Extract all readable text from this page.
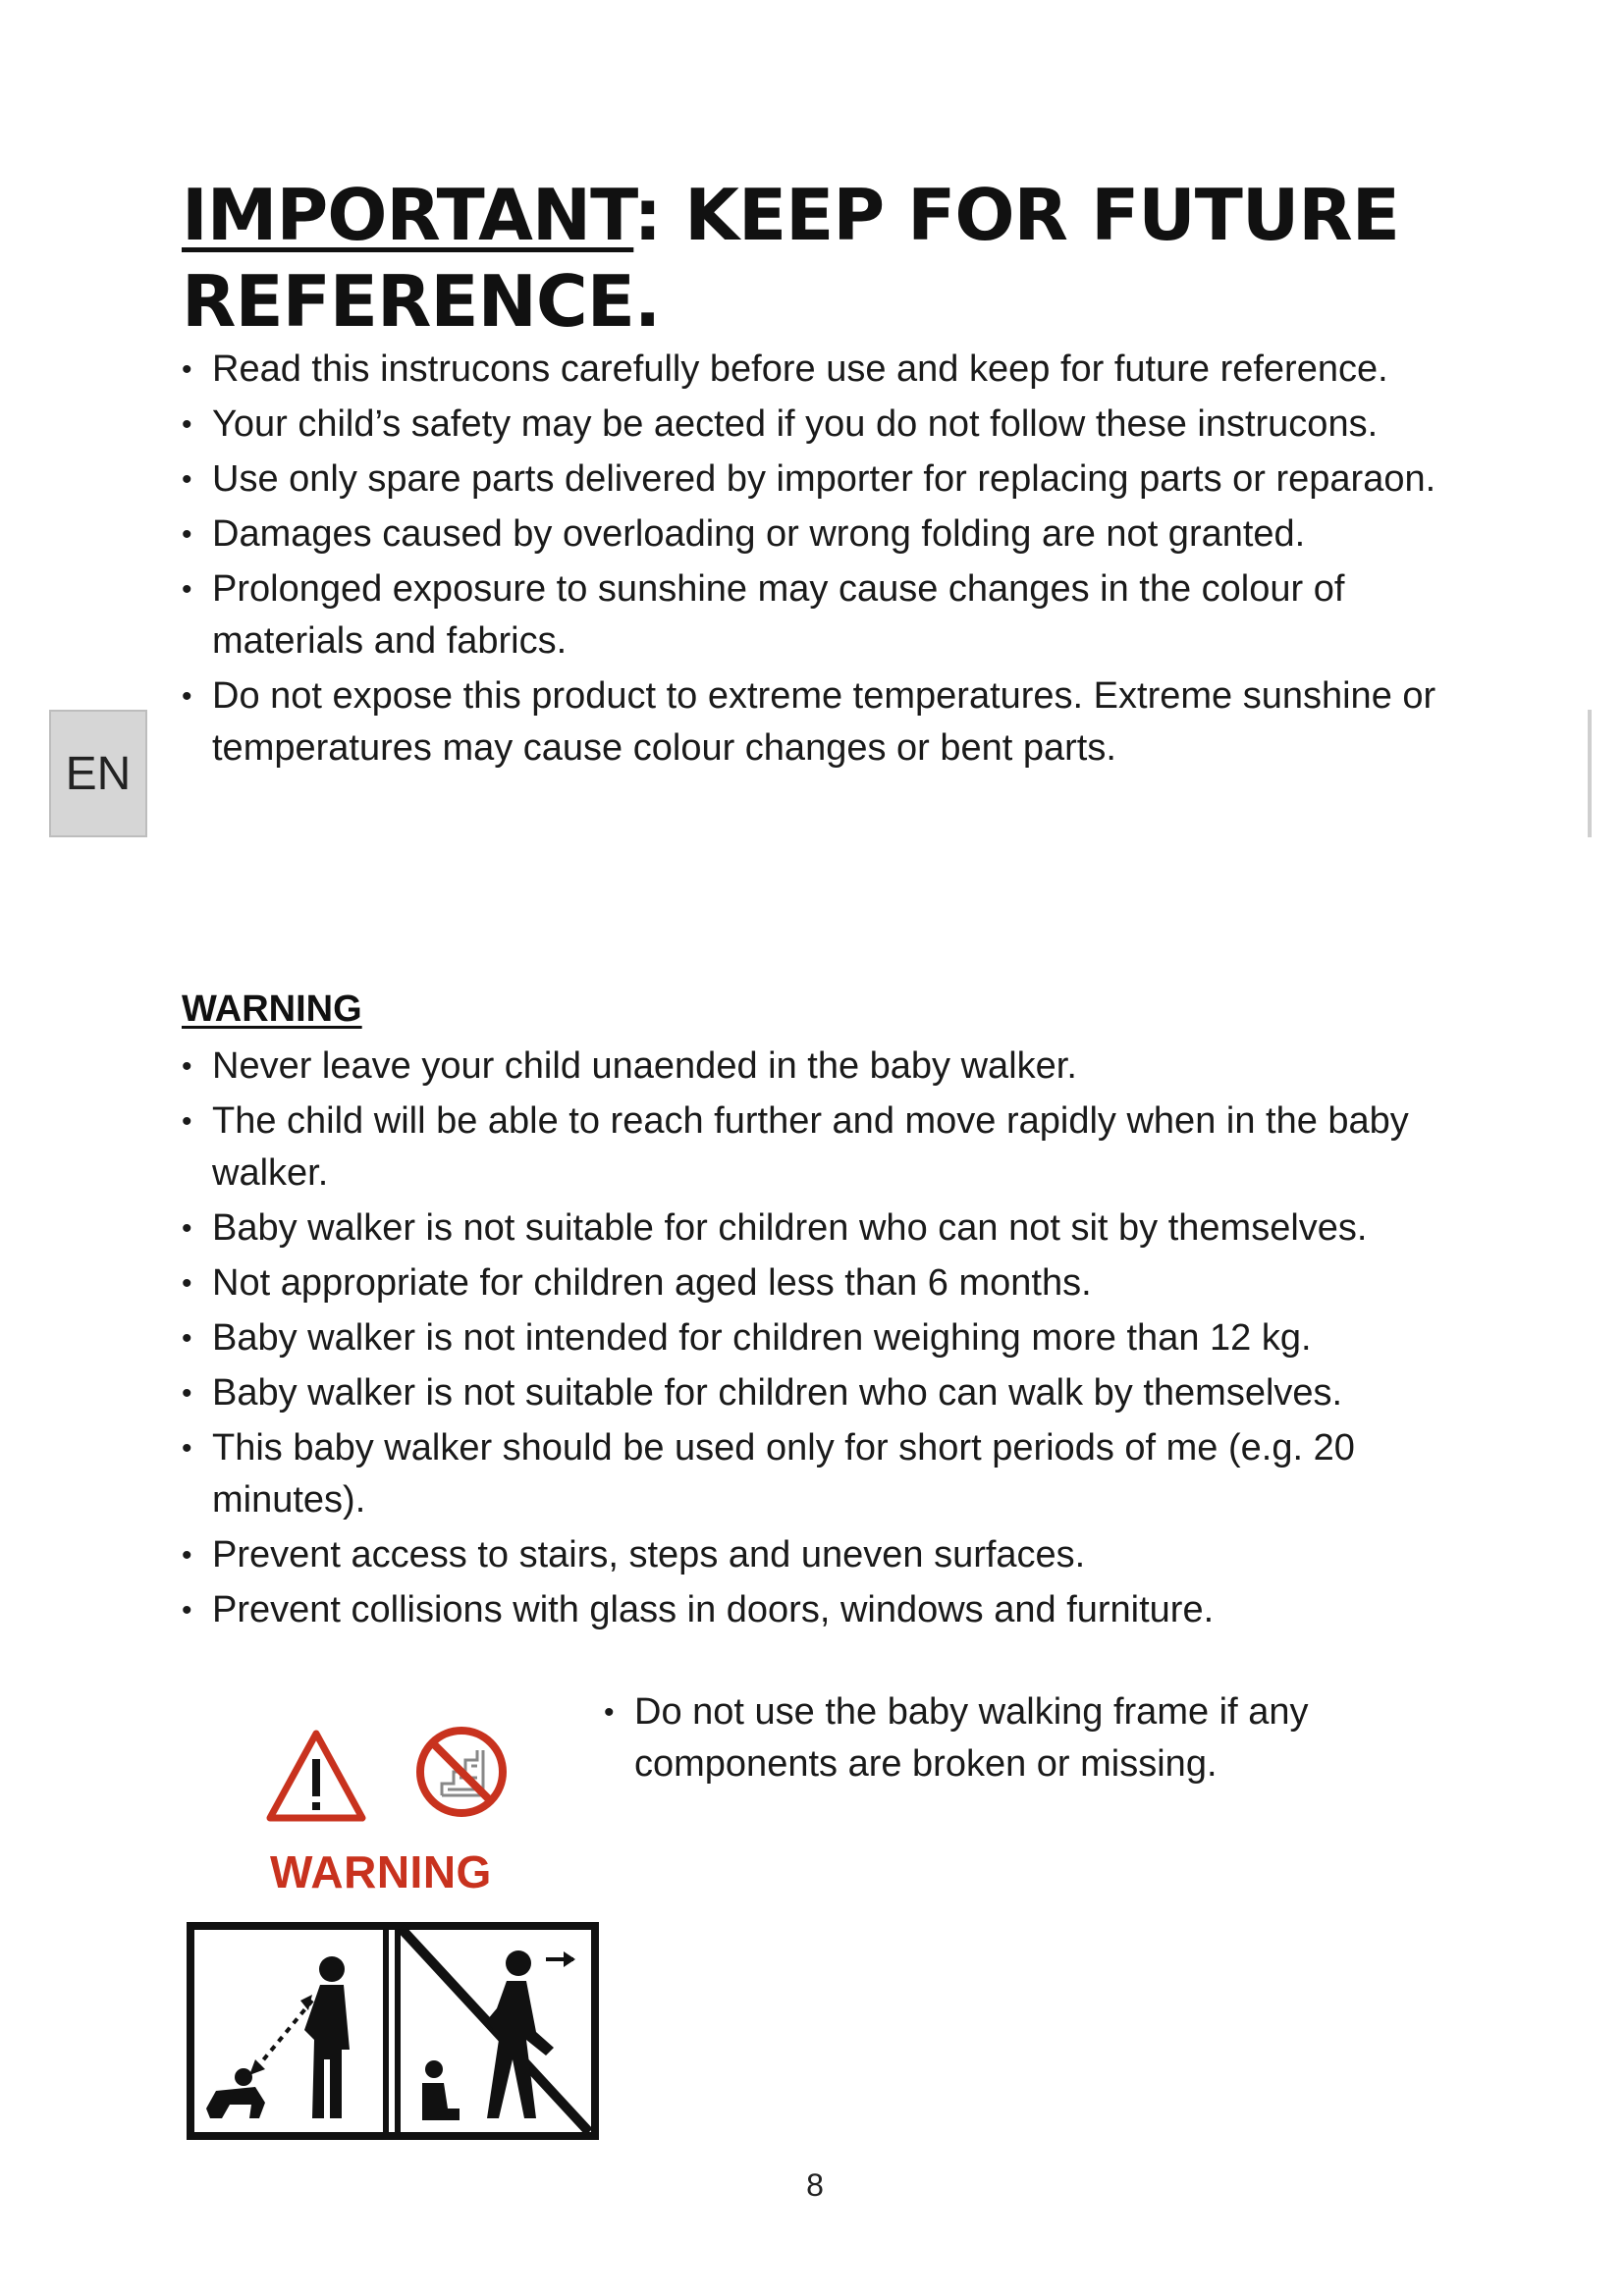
IMPORTANT: KEEP FOR FUTURE REFERENCE.
EN
• Read this instrucons carefully before use and keep for future reference.
• Your child’s safety may be aected if you do not follow these instrucons.
• Use only spare parts delivered by importer for replacing parts or reparaon.
• Damages caused by overloading or wrong folding are not granted.
• Prolonged exposure to sunshine may cause changes in the colour of materials and fabrics.
• Do not expose this product to extreme temperatures. Extreme sunshine or temperatures may cause colour changes or bent parts.
WARNING
• Never leave your child unaended in the baby walker.
• The child will be able to reach further and move rapidly when in the baby walker.
• Baby walker is not suitable for children who can not sit by themselves.
• Not appropriate for children aged less than 6 months.
• Baby walker is not intended for children weighing more than 12 kg.
• Baby walker is not suitable for children who can walk by themselves.
• This baby walker should be used only for short periods of me (e.g. 20 minutes).
• Prevent access to stairs, steps and uneven surfaces.
• Prevent collisions with glass in doors, windows and furniture.
• Do not use the baby walking frame if any components are broken or missing.
WARNING
8
